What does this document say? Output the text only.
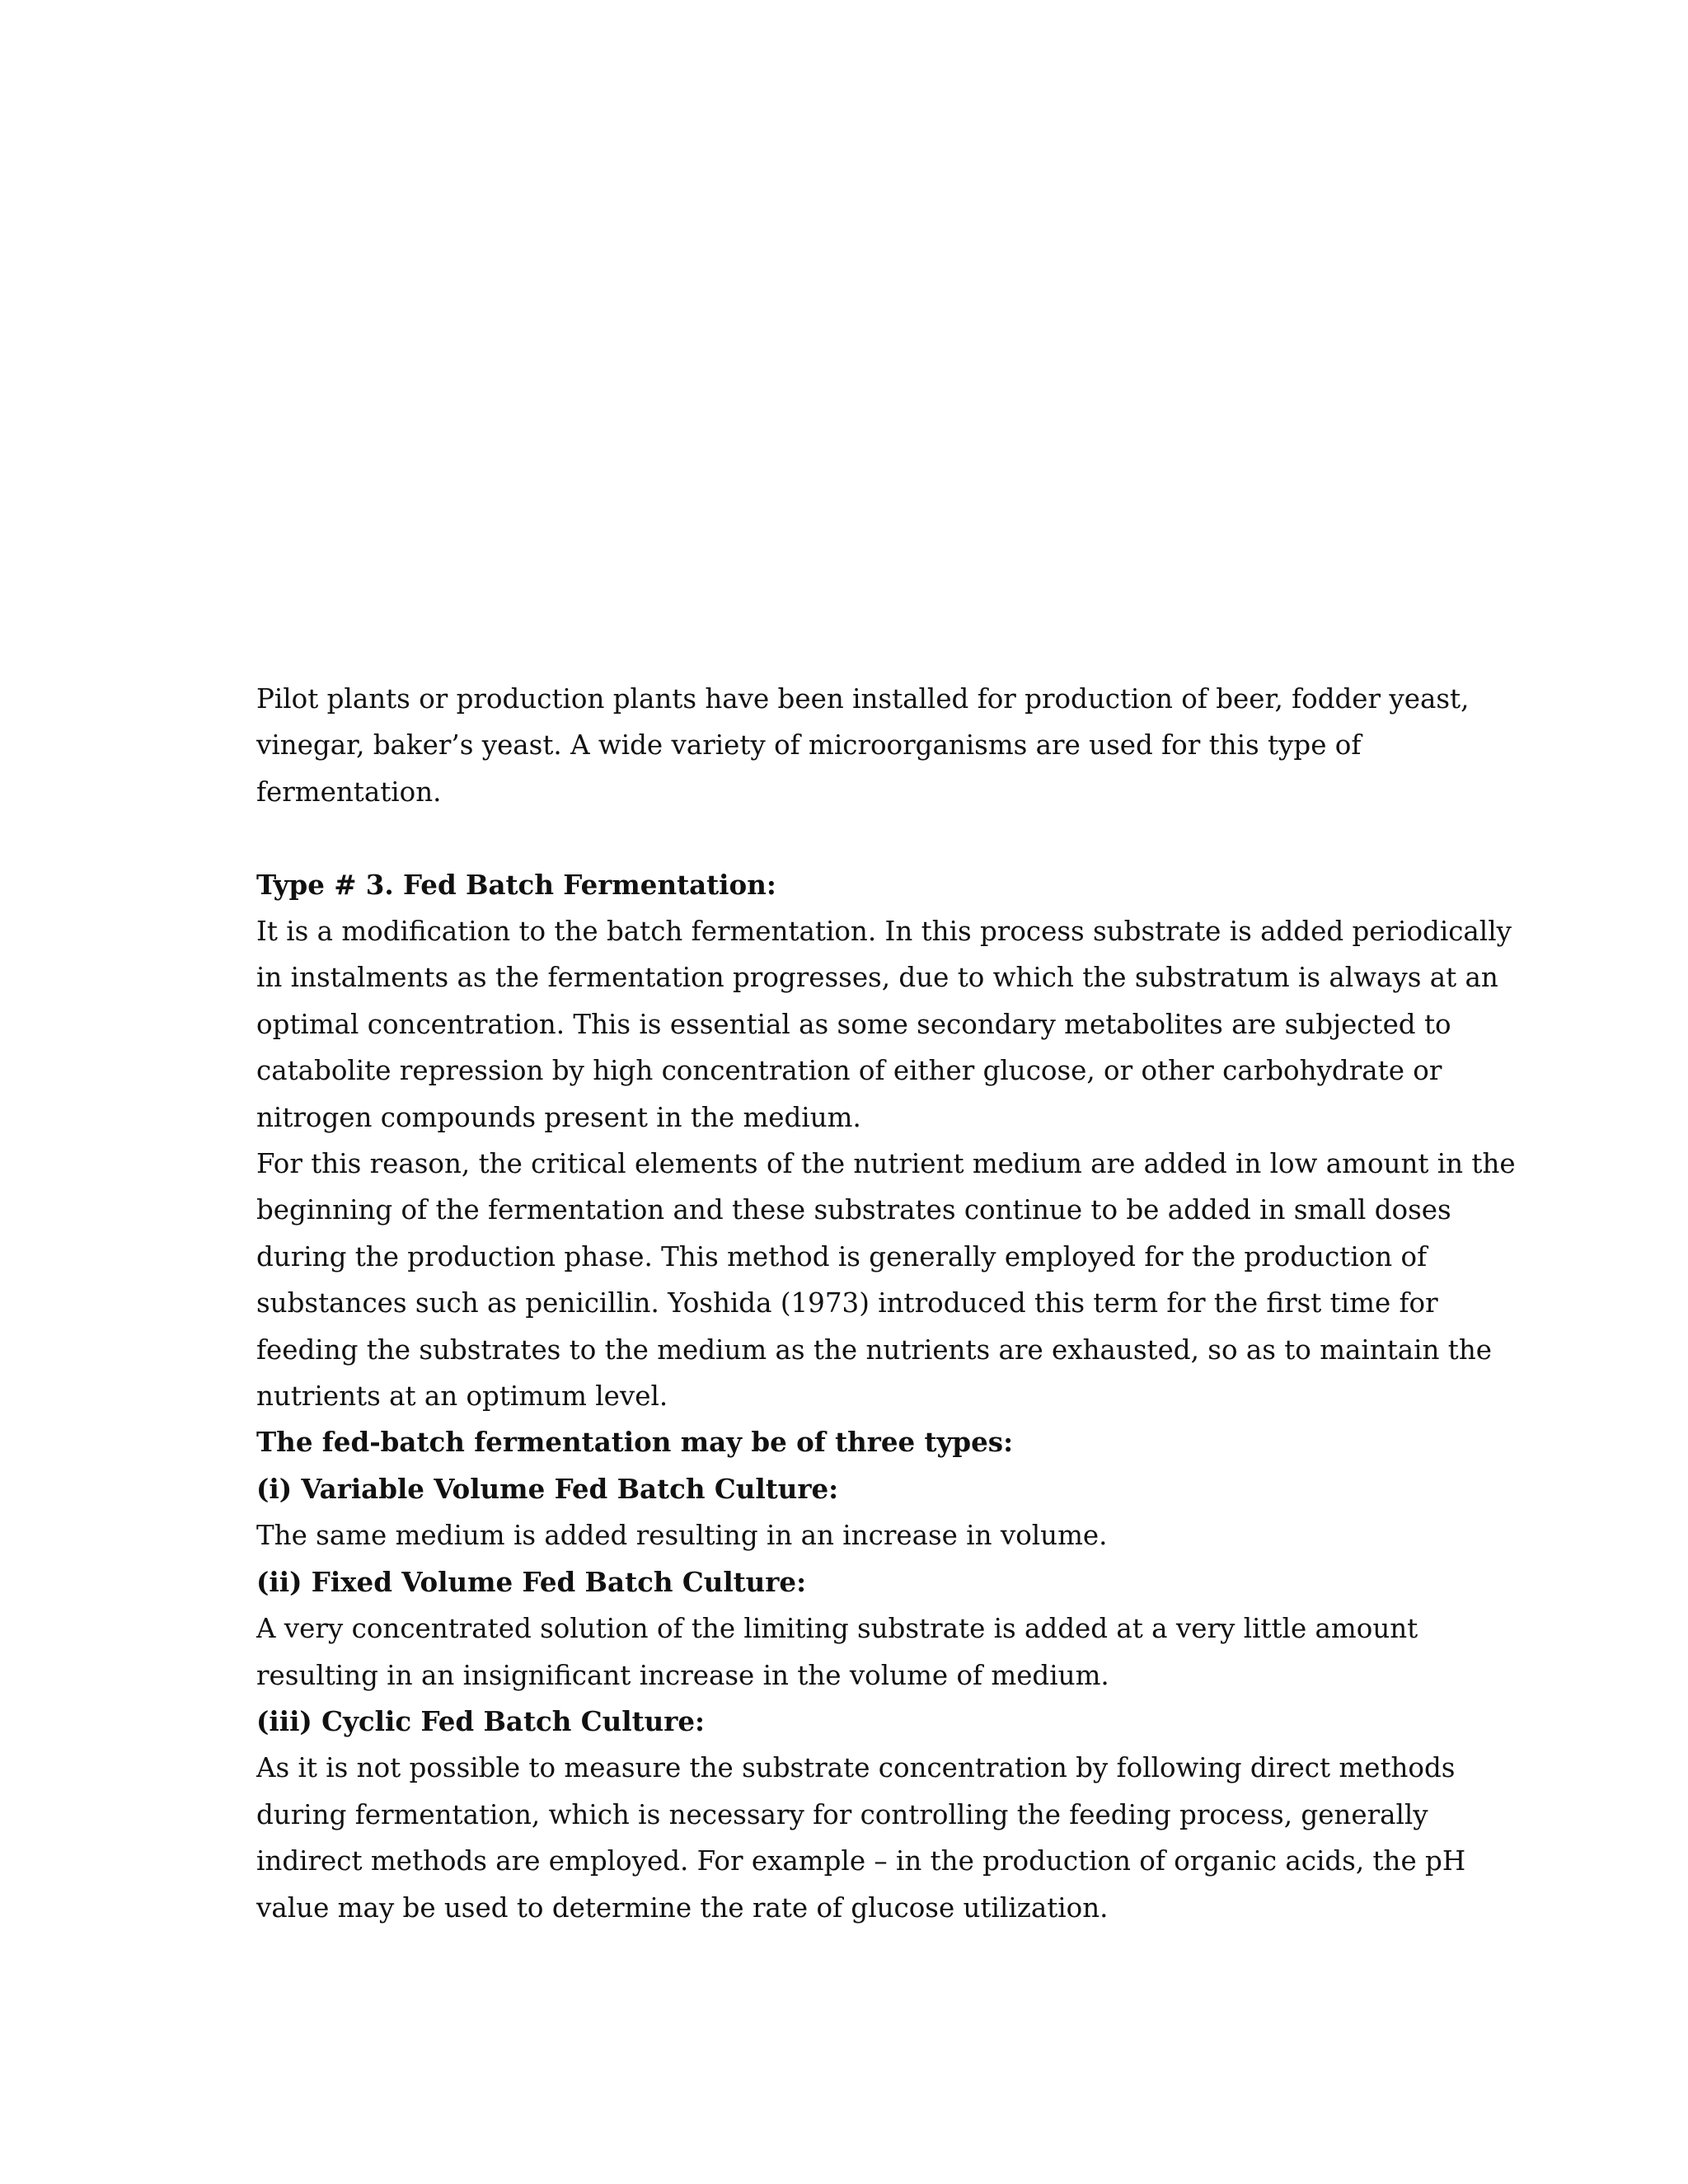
Pilot plants or production plants have been installed for production of beer, fodder yeast,
vinegar, baker’s yeast. A wide variety of microorganisms are used for this type of
fermentation.
Type # 3. Fed Batch Fermentation:
It is a modification to the batch fermentation. In this process substrate is added periodically
in instalments as the fermentation progresses, due to which the substratum is always at an
optimal concentration. This is essential as some secondary metabolites are subjected to
catabolite repression by high concentration of either glucose, or other carbohydrate or
nitrogen compounds present in the medium.
For this reason, the critical elements of the nutrient medium are added in low amount in the
beginning of the fermentation and these substrates continue to be added in small doses
during the production phase. This method is generally employed for the production of
substances such as penicillin. Yoshida (1973) introduced this term for the first time for
feeding the substrates to the medium as the nutrients are exhausted, so as to maintain the
nutrients at an optimum level.
The fed-batch fermentation may be of three types:
(i) Variable Volume Fed Batch Culture:
The same medium is added resulting in an increase in volume.
(ii) Fixed Volume Fed Batch Culture:
A very concentrated solution of the limiting substrate is added at a very little amount
resulting in an insignificant increase in the volume of medium.
(iii) Cyclic Fed Batch Culture:
As it is not possible to measure the substrate concentration by following direct methods
during fermentation, which is necessary for controlling the feeding process, generally
indirect methods are employed. For example – in the production of organic acids, the pH
value may be used to determine the rate of glucose utilization.
